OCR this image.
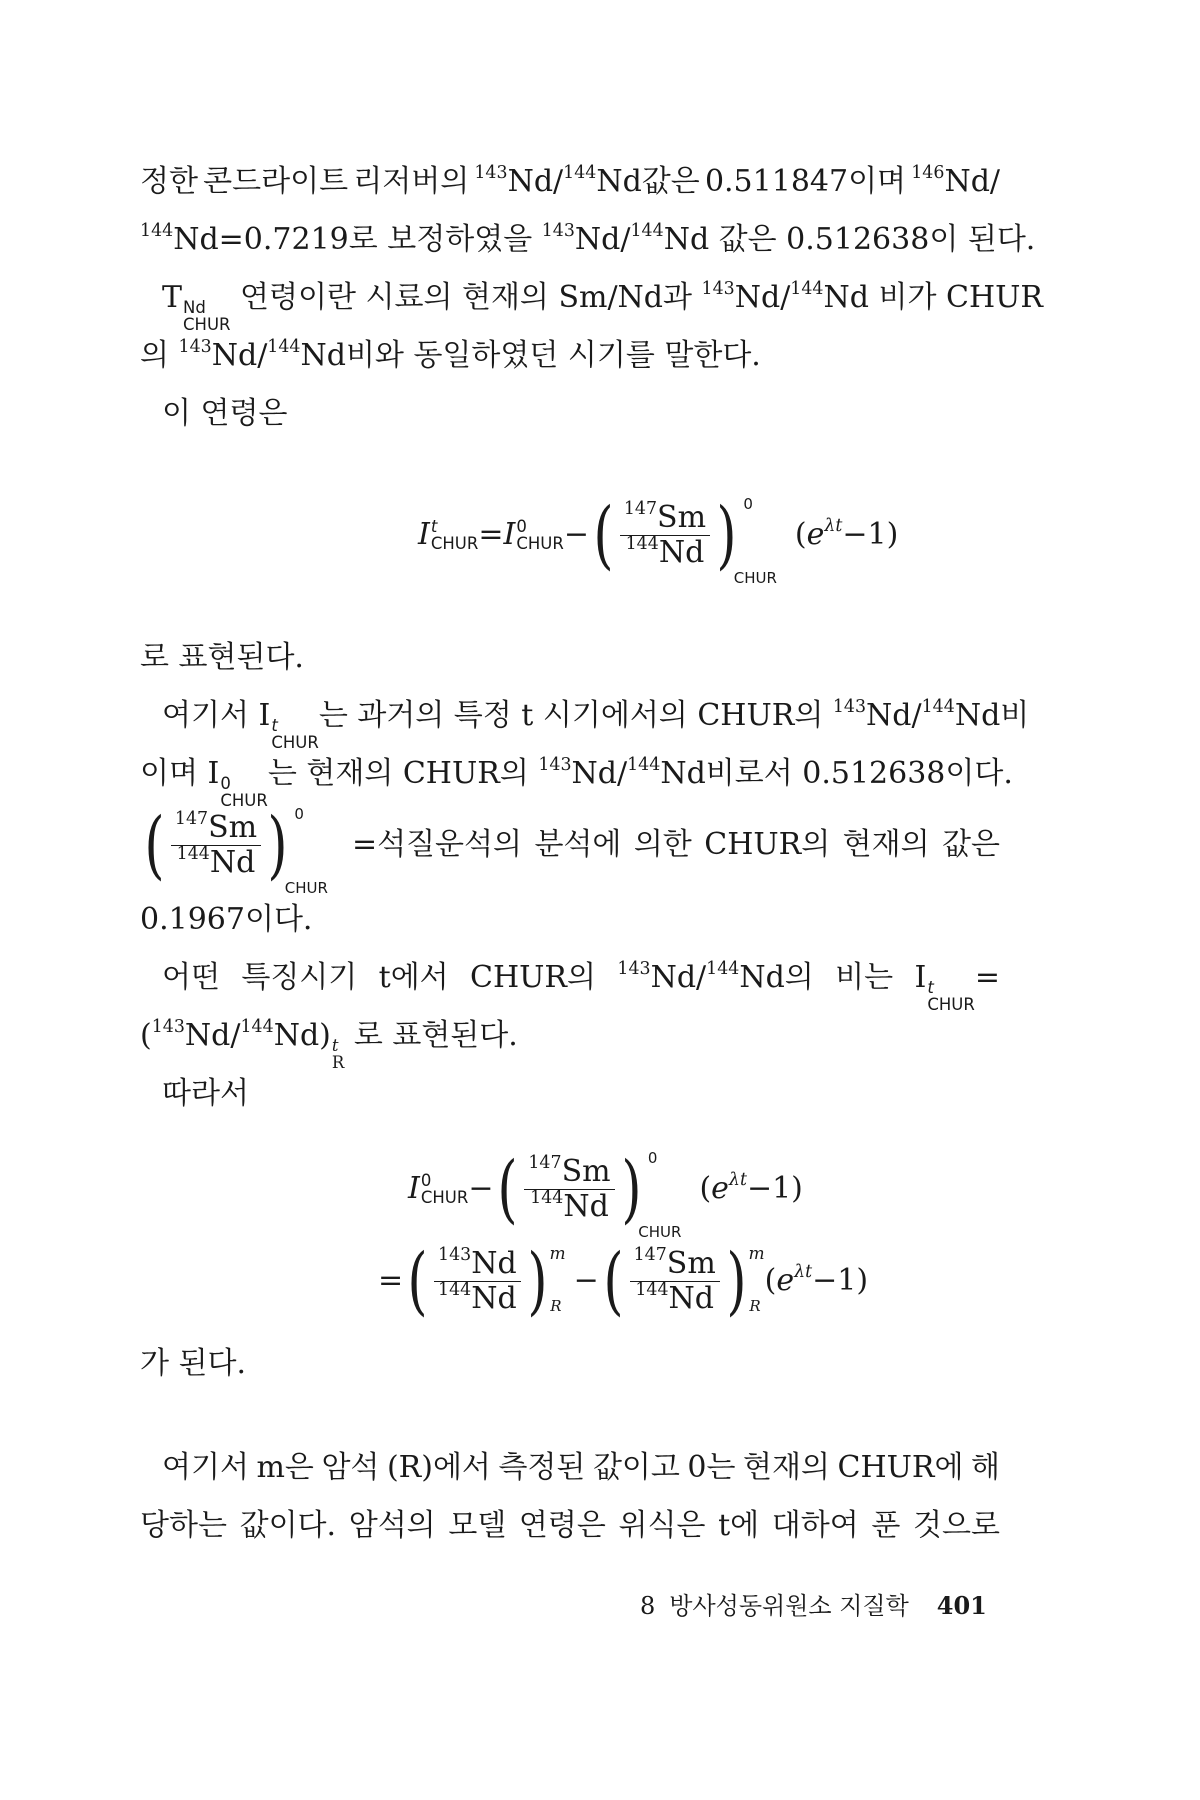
정한 콘드라이트 리저버의 $^{143}$Nd/$^{144}$Nd값은 0.511847이며 $^{146}$Nd/
$^{144}$Nd=0.7219로 보정하였을 $^{143}$Nd/$^{144}$Nd 값은 0.512638이 된다.
T Nd
CHUR
연령이란 시료의 현재의 Sm/Nd과 $^{143}$Nd/$^{144}$Nd 비가 CHUR
의 $^{143}$Nd/$^{144}$Nd비와 동일하였던 시기를 말한다.
이 연령은
I t
CHUR = I 0
CHUR − ( $\frac{^{147}Sm}{^{144}Nd}$ ) 0
CHUR
$(e^{\lambda t}-1)$
로 표현된다.
여기서 I t
CHUR
는 과거의 특정 t 시기에서의 CHUR의 $^{143}$Nd/$^{144}$Nd비
이며 I 0
CHUR
는 현재의 CHUR의 $^{143}$Nd/$^{144}$Nd비로서 0.512638이다.
( $\frac{^{147}Sm}{^{144}Nd}$ ) 0
CHUR
=석질운석의 분석에 의한 CHUR의 현재의 값은
0.1967이다.
어떤 특징시기 t에서 CHUR의 $^{143}$Nd/$^{144}$Nd의 비는 I t
CHUR
=
($^{143}$Nd/$^{144}$Nd) t
R
로 표현된다.
따라서
I 0
CHUR − ( $\frac{^{147}Sm}{^{144}Nd}$ ) 0
CHUR
$(e^{\lambda t}-1)$
= ( $\frac{^{143}Nd}{^{144}Nd}$ ) m
R
− ( $\frac{^{147}Sm}{^{144}Nd}$ ) m
R
$(e^{\lambda t}-1)$
가 된다.
여기서 m은 암석 (R)에서 측정된 값이고 0는 현재의 CHUR에 해
당하는 값이다. 암석의 모델 연령은 위식은 t에 대하여 푼 것으로
8 방사성동위원소 지질학 401
